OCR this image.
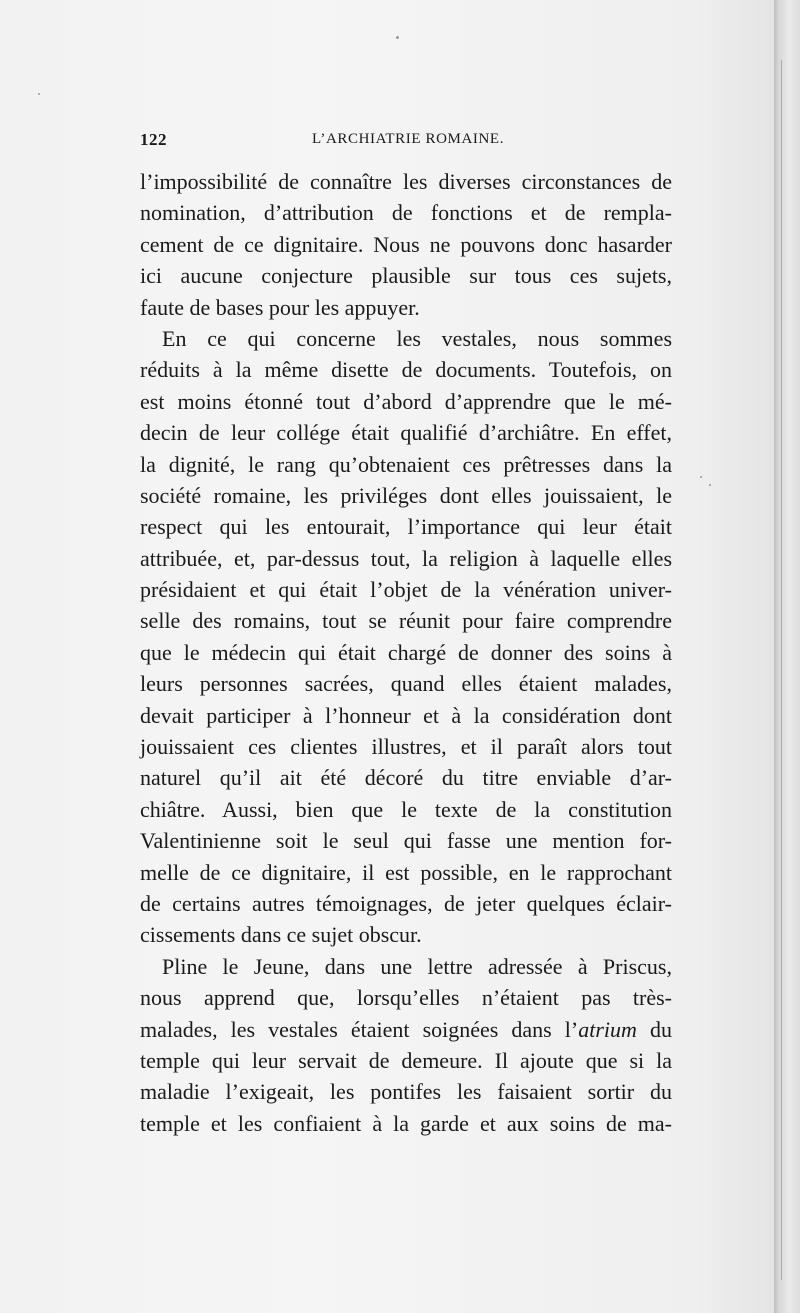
122	L’ARCHIATRIE ROMAINE.
l’impossibilité de connaître les diverses circonstances de
nomination, d’attribution de fonctions et de rempla-
cement de ce dignitaire. Nous ne pouvons donc hasarder
ici aucune conjecture plausible sur tous ces sujets,
faute de bases pour les appuyer.
En ce qui concerne les vestales, nous sommes
réduits à la même disette de documents. Toutefois, on
est moins étonné tout d’abord d’apprendre que le mé-
decin de leur collége était qualifié d’archiâtre. En effet,
la dignité, le rang qu’obtenaient ces prêtresses dans la
société romaine, les priviléges dont elles jouissaient, le
respect qui les entourait, l’importance qui leur était
attribuée, et, par-dessus tout, la religion à laquelle elles
présidaient et qui était l’objet de la vénération univer-
selle des romains, tout se réunit pour faire comprendre
que le médecin qui était chargé de donner des soins à
leurs personnes sacrées, quand elles étaient malades,
devait participer à l’honneur et à la considération dont
jouissaient ces clientes illustres, et il paraît alors tout
naturel qu’il ait été décoré du titre enviable d’ar-
chiâtre. Aussi, bien que le texte de la constitution
Valentinienne soit le seul qui fasse une mention for-
melle de ce dignitaire, il est possible, en le rapprochant
de certains autres témoignages, de jeter quelques éclair-
cissements dans ce sujet obscur.
Pline le Jeune, dans une lettre adressée à Priscus,
nous apprend que, lorsqu’elles n’étaient pas très-
malades, les vestales étaient soignées dans l’atrium du
temple qui leur servait de demeure. Il ajoute que si la
maladie l’exigeait, les pontifes les faisaient sortir du
temple et les confiaient à la garde et aux soins de ma-
